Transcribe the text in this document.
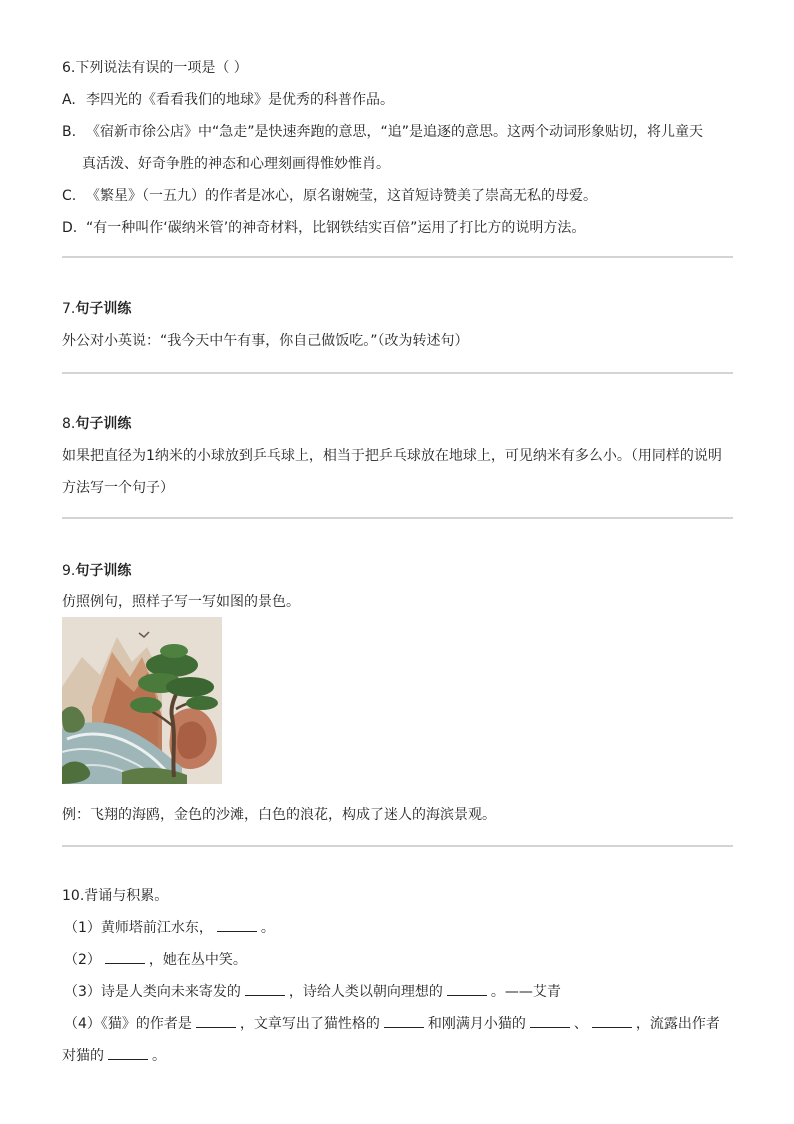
6.下列说法有误的一项是（ ）
A. 李四光的《看看我们的地球》是优秀的科普作品。
B. 《宿新市徐公店》中“急走”是快速奔跑的意思，“追”是追逐的意思。这两个动词形象贴切，将儿童天
真活泼、好奇争胜的神态和心理刻画得惟妙惟肖。
C. 《繁星》（一五九）的作者是冰心，原名谢婉莹，这首短诗赞美了崇高无私的母爱。
D. “有一种叫作‘碳纳米管’的神奇材料，比钢铁结实百倍”运用了打比方的说明方法。
7.句子训练
外公对小英说：“我今天中午有事，你自己做饭吃。”（改为转述句）
8.句子训练
如果把直径为1纳米的小球放到乒乓球上，相当于把乒乓球放在地球上，可见纳米有多么小。（用同样的说明
方法写一个句子）
9.句子训练
仿照例句，照样子写一写如图的景色。
例：飞翔的海鸥，金色的沙滩，白色的浪花，构成了迷人的海滨景观。
10.背诵与积累。
（1）黄师塔前江水东，	。
（2）	，她在丛中笑。
（3）诗是人类向未来寄发的	，诗给人类以朝向理想的	。——艾青
（4）《猫》的作者是	，文章写出了猫性格的	和刚满月小猫的	、	，流露出作者
对猫的	。
